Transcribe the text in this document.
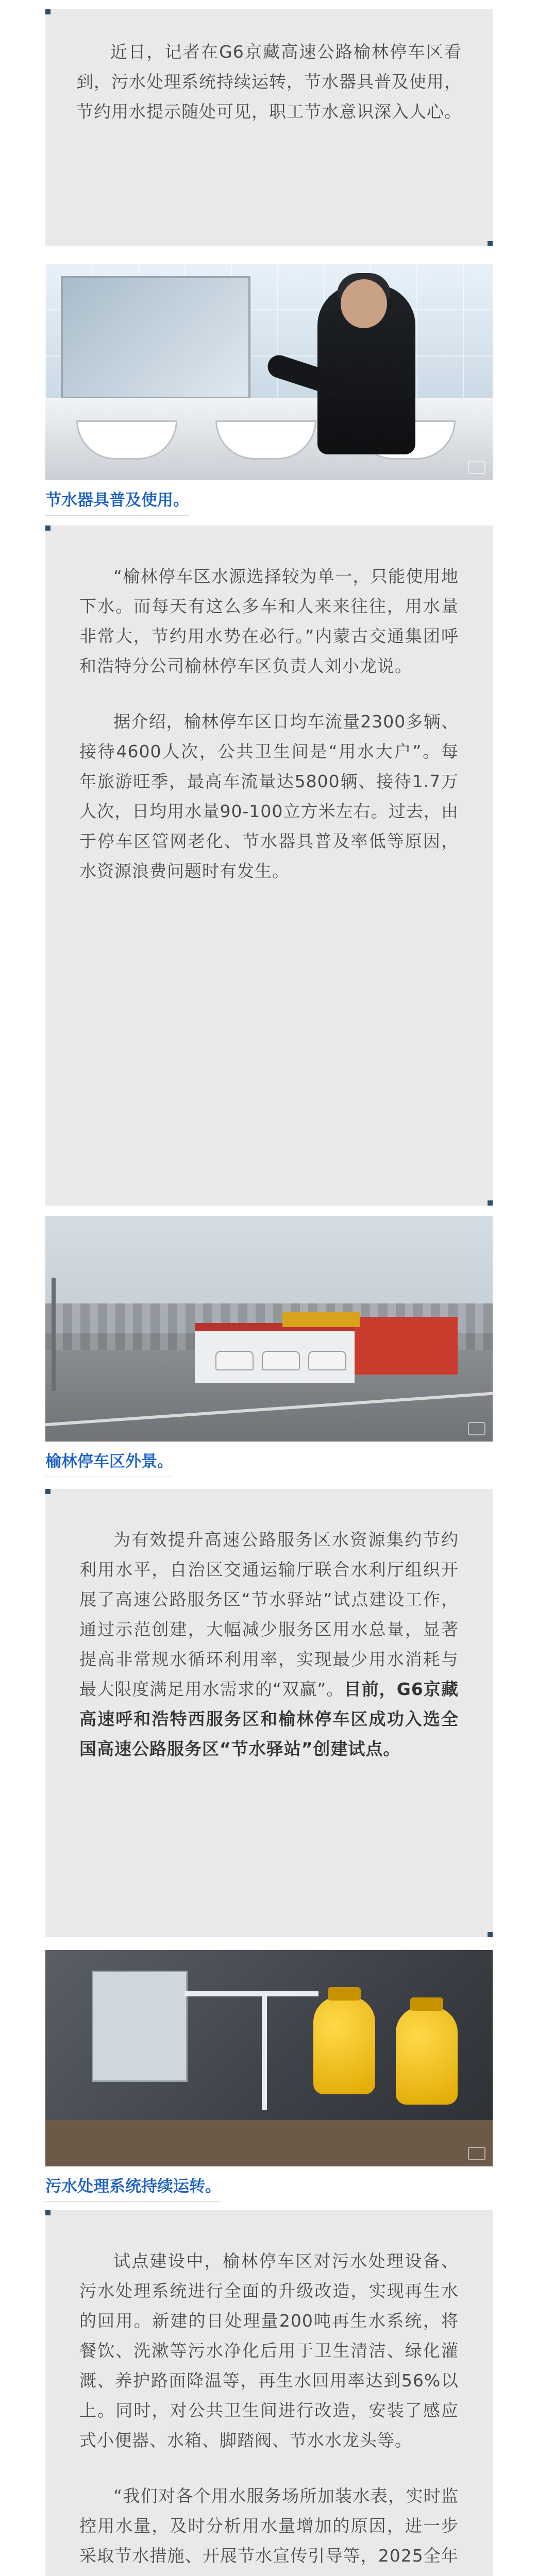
近日，记者在G6京藏高速公路榆林停车区看到，污水处理系统持续运转，节水器具普及使用，节约用水提示随处可见，职工节水意识深入人心。

节水器具普及使用。

“榆林停车区水源选择较为单一，只能使用地下水。而每天有这么多车和人来来往往，用水量非常大，节约用水势在必行。”内蒙古交通集团呼和浩特分公司榆林停车区负责人刘小龙说。

据介绍，榆林停车区日均车流量2300多辆、接待4600人次，公共卫生间是“用水大户”。每年旅游旺季，最高车流量达5800辆、接待1.7万人次，日均用水量90-100立方米左右。过去，由于停车区管网老化、节水器具普及率低等原因，水资源浪费问题时有发生。

榆林停车区外景。

为有效提升高速公路服务区水资源集约节约利用水平，自治区交通运输厅联合水利厅组织开展了高速公路服务区“节水驿站”试点建设工作，通过示范创建，大幅减少服务区用水总量，显著提高非常规水循环利用率，实现最少用水消耗与最大限度满足用水需求的“双赢”。目前，G6京藏高速呼和浩特西服务区和榆林停车区成功入选全国高速公路服务区“节水驿站”创建试点。

污水处理系统持续运转。

试点建设中，榆林停车区对污水处理设备、污水处理系统进行全面的升级改造，实现再生水的回用。新建的日处理量200吨再生水系统，将餐饮、洗漱等污水净化后用于卫生清洁、绿化灌溉、养护路面降温等，再生水回用率达到56%以上。同时，对公共卫生间进行改造，安装了感应式小便器、水箱、脚踏阀、节水水龙头等。

“我们对各个用水服务场所加装水表，实时监控用水量，及时分析用水量增加的原因，进一步采取节水措施、开展节水宣传引导等，2025全年
